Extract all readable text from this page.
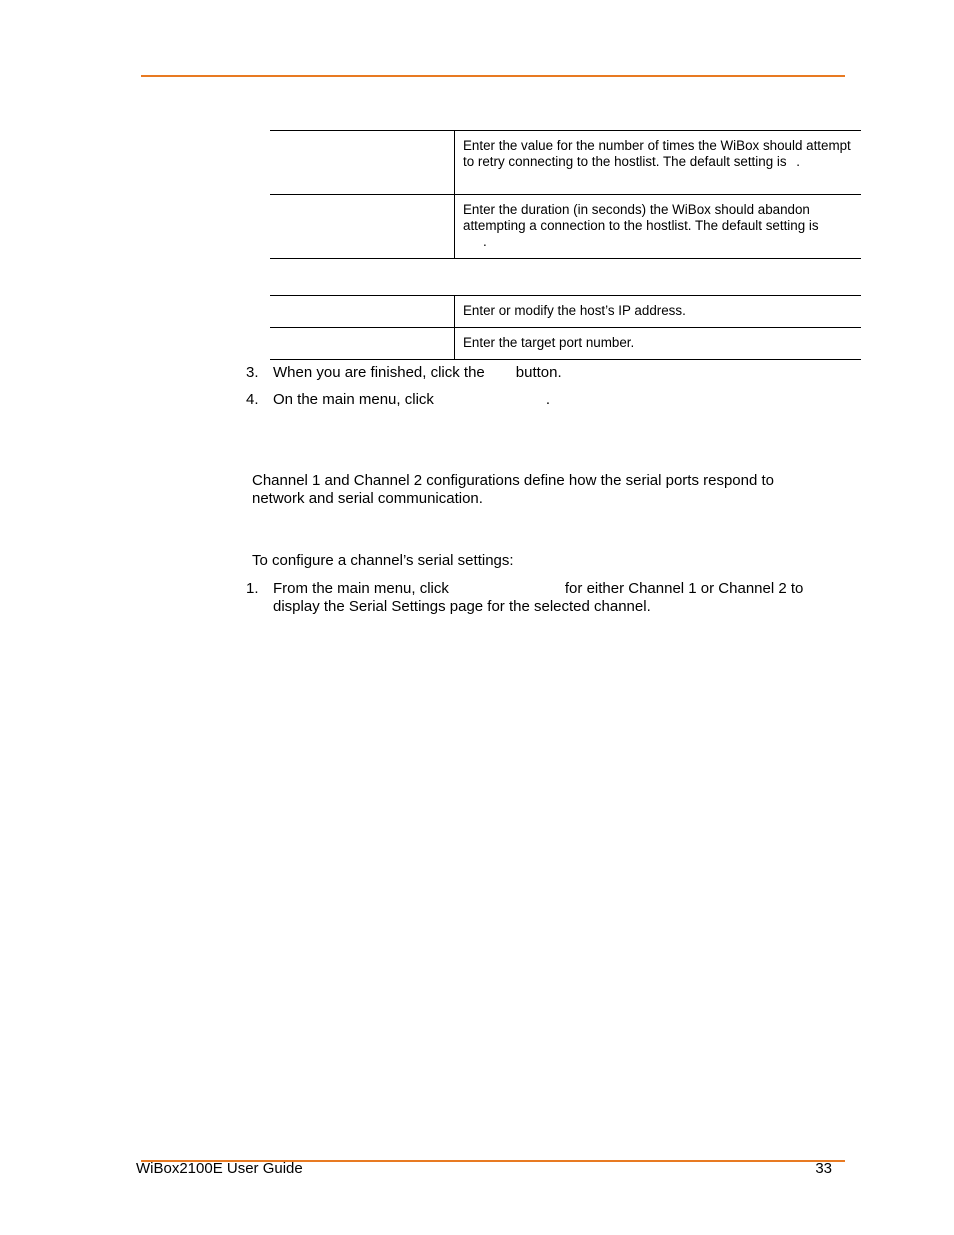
	Enter the value for the number of times the WiBox should attempt to retry connecting to the hostlist. The default setting is .
	Enter the duration (in seconds) the WiBox should abandon attempting a connection to the hostlist. The default setting is
.

	Enter or modify the host’s IP address.
	Enter the target port number.
3. When you are finished, click the button.
4. On the main menu, click	.

Channel 1 and Channel 2 configurations define how the serial ports respond to network and serial communication.

To configure a channel’s serial settings:

1. From the main menu, click	for either Channel 1 or Channel 2 to
display the Serial Settings page for the selected channel.
WiBox2100E User Guide	33
